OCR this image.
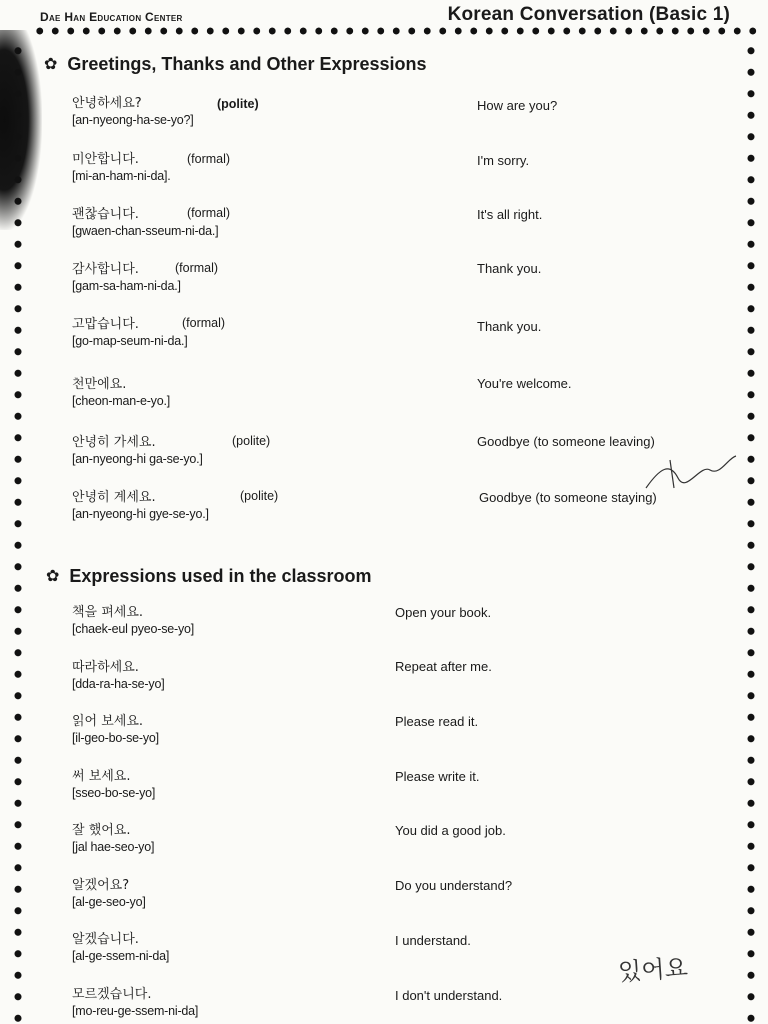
Dae Han Education Center	Korean Conversation (Basic 1)
✿ Greetings, Thanks and Other Expressions
안녕하세요?
[an-nyeong-ha-se-yo?]
(polite)	How are you?
미안합니다.
[mi-an-ham-ni-da].
(formal)	I'm sorry.
괜찮습니다.
[gwaen-chan-sseum-ni-da.]
(formal)	It's all right.
감사합니다.
[gam-sa-ham-ni-da.]
(formal)	Thank you.
고맙습니다.
[go-map-seum-ni-da.]
(formal)	Thank you.
천만에요.
[cheon-man-e-yo.]
You're welcome.
안녕히 가세요.
[an-nyeong-hi ga-se-yo.]
(polite)	Goodbye (to someone leaving)
안녕히 계세요.
[an-nyeong-hi gye-se-yo.]
(polite)	Goodbye (to someone staying)
✿ Expressions used in the classroom
책을 펴세요.
[chaek-eul pyeo-se-yo]
Open your book.
따라하세요.
[dda-ra-ha-se-yo]
Repeat after me.
읽어 보세요.
[il-geo-bo-se-yo]
Please read it.
써 보세요.
[sseo-bo-se-yo]
Please write it.
잘 했어요.
[jal hae-seo-yo]
You did a good job.
알겠어요?
[al-ge-seo-yo]
Do you understand?
알겠습니다.
[al-ge-ssem-ni-da]
I understand.
모르겠습니다.
[mo-reu-ge-ssem-ni-da]
I don't understand.
있어요
